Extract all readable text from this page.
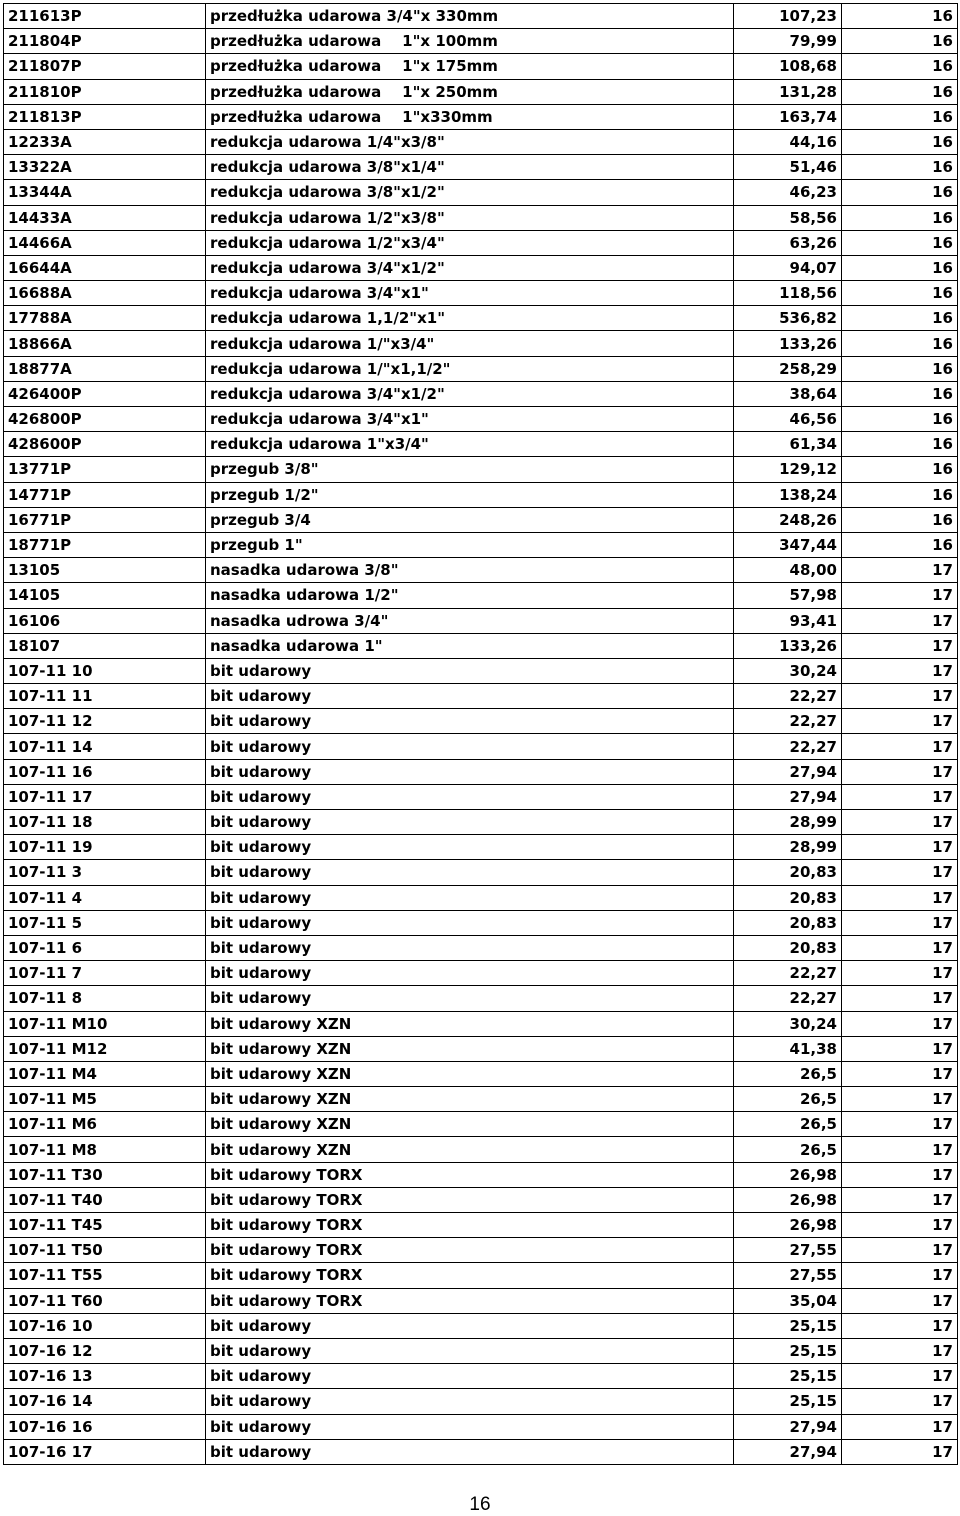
211613P	przedłużka udarowa 3/4"x 330mm	107,23	16
211804P	przedłużka udarowa    1"x 100mm	79,99	16
211807P	przedłużka udarowa    1"x 175mm	108,68	16
211810P	przedłużka udarowa    1"x 250mm	131,28	16
211813P	przedłużka udarowa    1"x330mm	163,74	16
12233A	redukcja udarowa 1/4"x3/8"	44,16	16
13322A	redukcja udarowa 3/8"x1/4"	51,46	16
13344A	redukcja udarowa 3/8"x1/2"	46,23	16
14433A	redukcja udarowa 1/2"x3/8"	58,56	16
14466A	redukcja udarowa 1/2"x3/4"	63,26	16
16644A	redukcja udarowa 3/4"x1/2"	94,07	16
16688A	redukcja udarowa 3/4"x1"	118,56	16
17788A	redukcja udarowa 1,1/2"x1"	536,82	16
18866A	redukcja udarowa 1/"x3/4"	133,26	16
18877A	redukcja udarowa 1/"x1,1/2"	258,29	16
426400P	redukcja udarowa 3/4"x1/2"	38,64	16
426800P	redukcja udarowa 3/4"x1"	46,56	16
428600P	redukcja udarowa 1"x3/4"	61,34	16
13771P	przegub 3/8"	129,12	16
14771P	przegub 1/2"	138,24	16
16771P	przegub 3/4	248,26	16
18771P	przegub 1"	347,44	16
13105	nasadka udarowa 3/8"	48,00	17
14105	nasadka udarowa 1/2"	57,98	17
16106	nasadka udrowa 3/4"	93,41	17
18107	nasadka udarowa 1"	133,26	17
107-11 10	bit udarowy	30,24	17
107-11 11	bit udarowy	22,27	17
107-11 12	bit udarowy	22,27	17
107-11 14	bit udarowy	22,27	17
107-11 16	bit udarowy	27,94	17
107-11 17	bit udarowy	27,94	17
107-11 18	bit udarowy	28,99	17
107-11 19	bit udarowy	28,99	17
107-11 3	bit udarowy	20,83	17
107-11 4	bit udarowy	20,83	17
107-11 5	bit udarowy	20,83	17
107-11 6	bit udarowy	20,83	17
107-11 7	bit udarowy	22,27	17
107-11 8	bit udarowy	22,27	17
107-11 M10	bit udarowy XZN	30,24	17
107-11 M12	bit udarowy XZN	41,38	17
107-11 M4	bit udarowy XZN	26,5	17
107-11 M5	bit udarowy XZN	26,5	17
107-11 M6	bit udarowy XZN	26,5	17
107-11 M8	bit udarowy XZN	26,5	17
107-11 T30	bit udarowy TORX	26,98	17
107-11 T40	bit udarowy TORX	26,98	17
107-11 T45	bit udarowy TORX	26,98	17
107-11 T50	bit udarowy TORX	27,55	17
107-11 T55	bit udarowy TORX	27,55	17
107-11 T60	bit udarowy TORX	35,04	17
107-16 10	bit udarowy	25,15	17
107-16 12	bit udarowy	25,15	17
107-16 13	bit udarowy	25,15	17
107-16 14	bit udarowy	25,15	17
107-16 16	bit udarowy	27,94	17
107-16 17	bit udarowy	27,94	17
16
